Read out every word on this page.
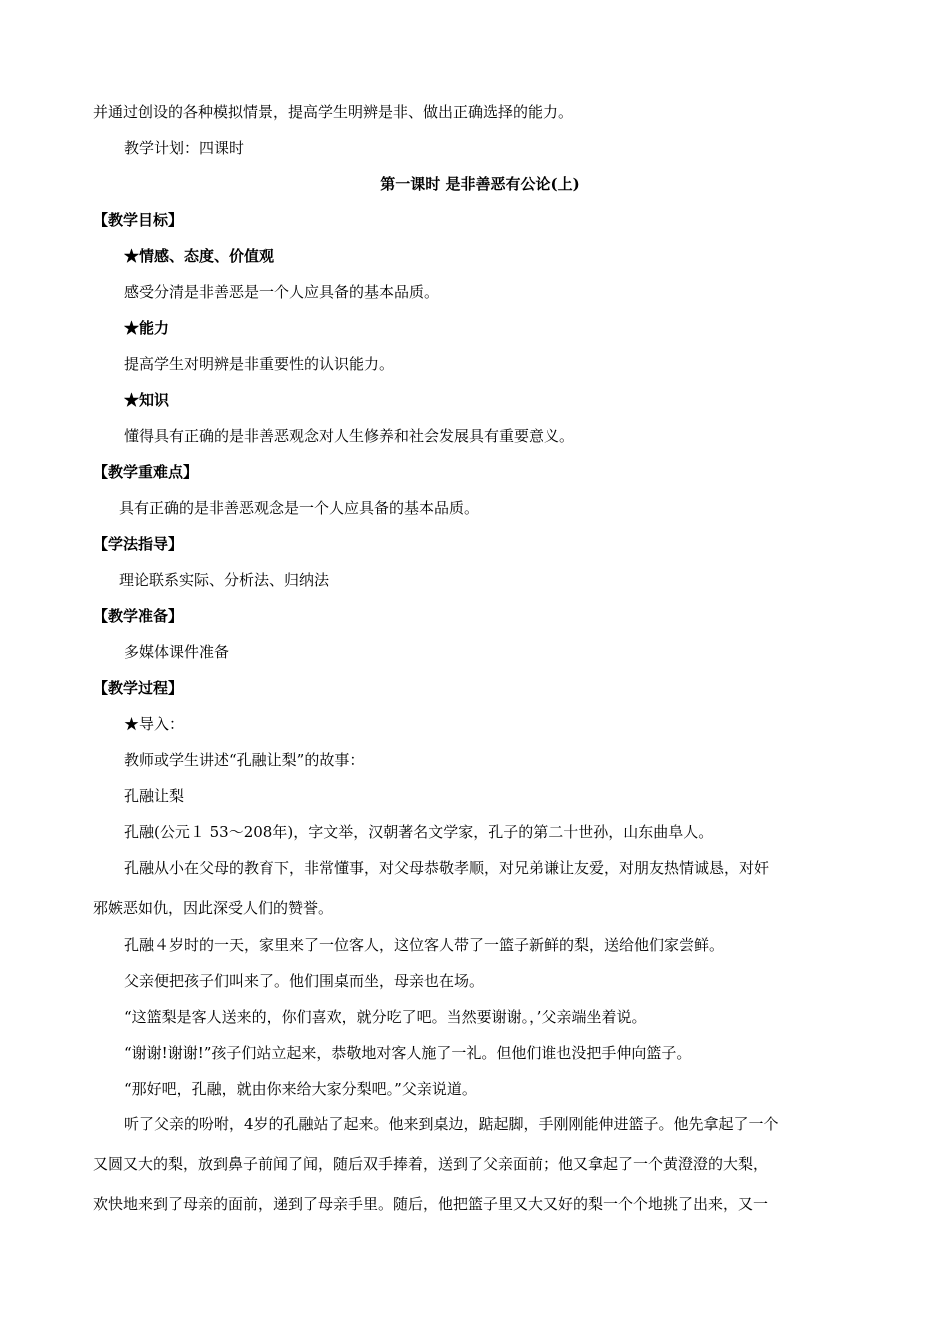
并通过创设的各种模拟情景，提高学生明辨是非、做出正确选择的能力。
教学计划：四课时
第一课时 是非善恶有公论(上)
【教学目标】
★情感、态度、价值观
感受分清是非善恶是一个人应具备的基本品质。
★能力
提高学生对明辨是非重要性的认识能力。
★知识
懂得具有正确的是非善恶观念对人生修养和社会发展具有重要意义。
【教学重难点】
具有正确的是非善恶观念是一个人应具备的基本品质。
【学法指导】
理论联系实际、分析法、归纳法
【教学准备】
多媒体课件准备
【教学过程】
★导入：
教师或学生讲述“孔融让梨”的故事：
孔融让梨
孔融(公元１ 53～208年)，字文举，汉朝著名文学家，孔子的第二十世孙，山东曲阜人。
孔融从小在父母的教育下，非常懂事，对父母恭敬孝顺，对兄弟谦让友爱，对朋友热情诚恳，对奸
邪嫉恶如仇，因此深受人们的赞誉。
孔融４岁时的一天，家里来了一位客人，这位客人带了一篮子新鲜的梨，送给他们家尝鲜。
父亲便把孩子们叫来了。他们围桌而坐，母亲也在场。
“这篮梨是客人送来的，你们喜欢，就分吃了吧。当然要谢谢。，’父亲端坐着说。
“谢谢!谢谢!”孩子们站立起来，恭敬地对客人施了一礼。但他们谁也没把手伸向篮子。
“那好吧，孔融，就由你来给大家分梨吧。”父亲说道。
听了父亲的吩咐，4岁的孔融站了起来。他来到桌边，踮起脚，手刚刚能伸进篮子。他先拿起了一个
又圆又大的梨，放到鼻子前闻了闻，随后双手捧着，送到了父亲面前；他又拿起了一个黄澄澄的大梨，
欢快地来到了母亲的面前，递到了母亲手里。随后，他把篮子里又大又好的梨一个个地挑了出来，又一
